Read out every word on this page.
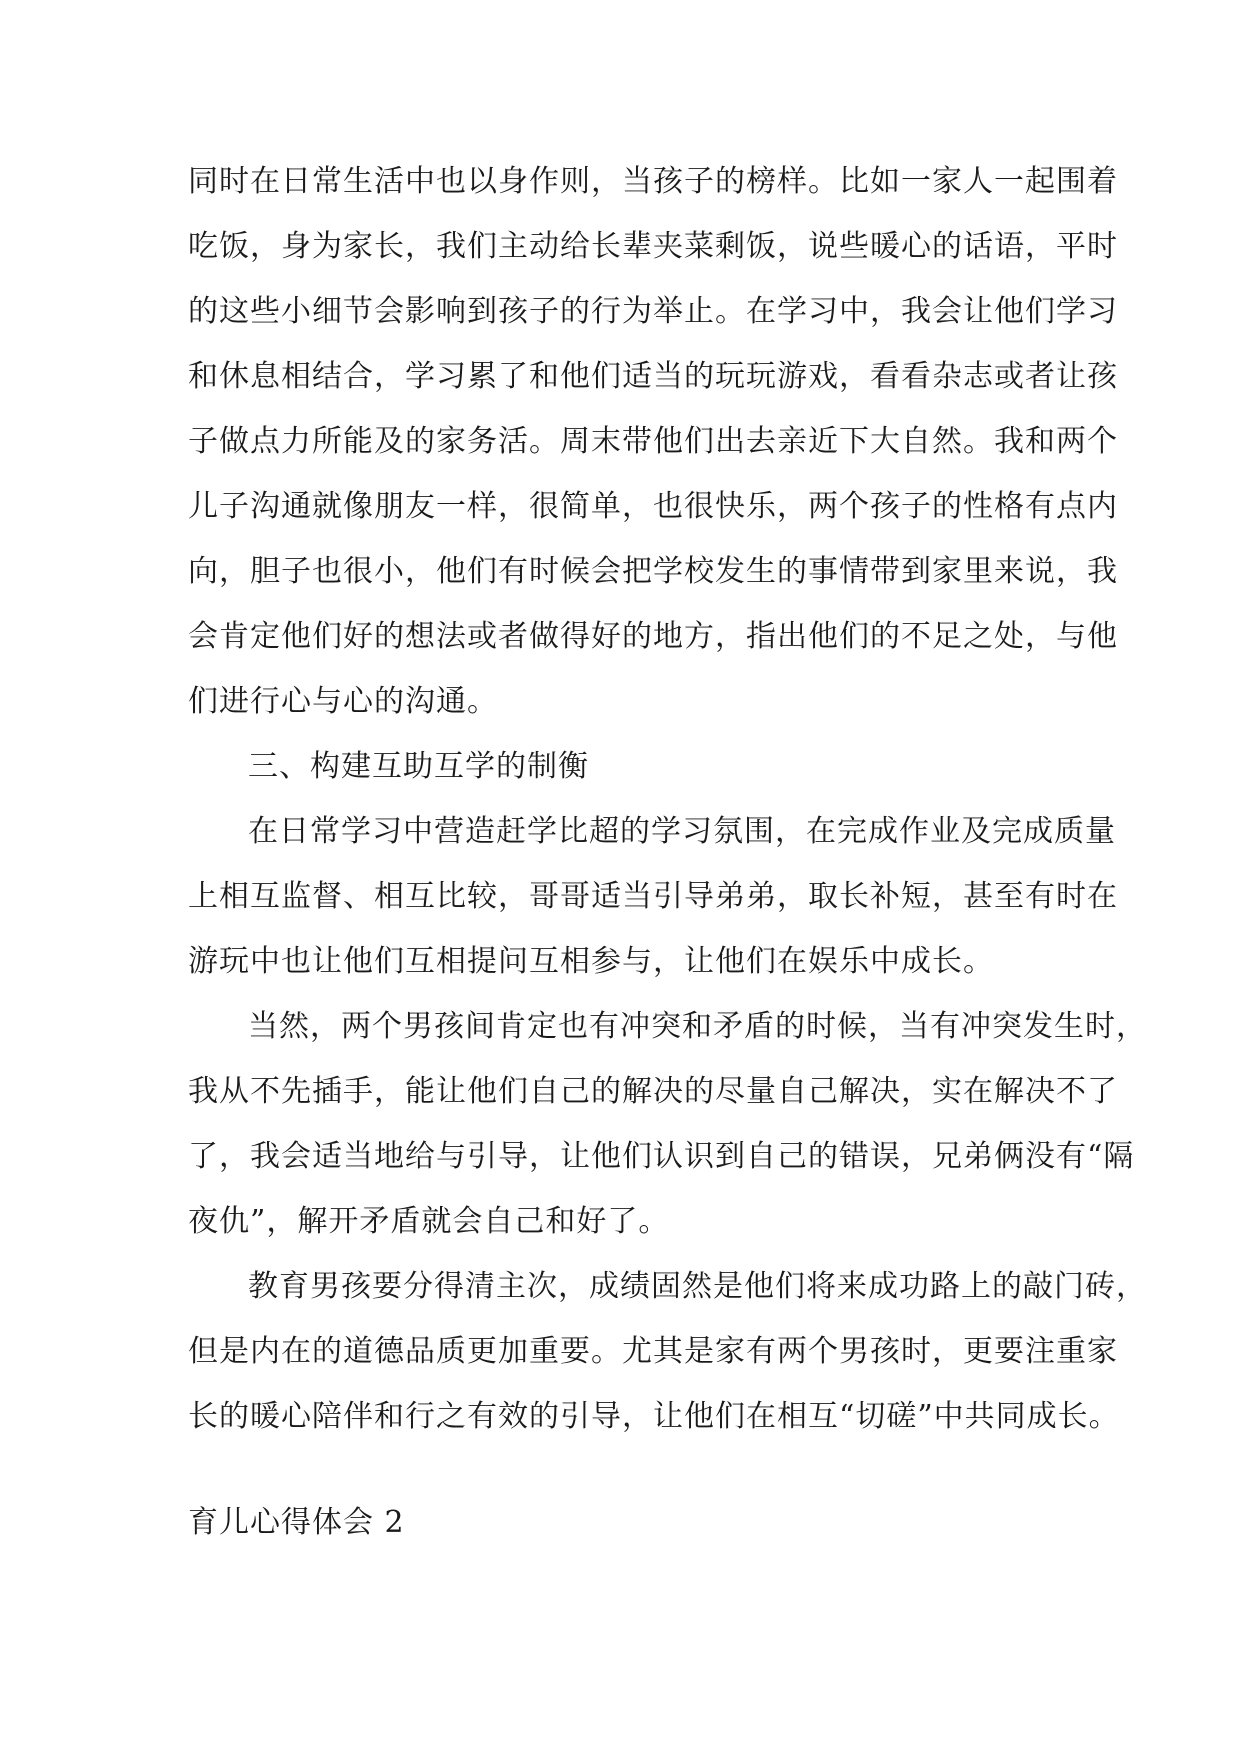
同时在日常生活中也以身作则，当孩子的榜样。比如一家人一起围着
吃饭，身为家长，我们主动给长辈夹菜剩饭，说些暖心的话语，平时
的这些小细节会影响到孩子的行为举止。在学习中，我会让他们学习
和休息相结合，学习累了和他们适当的玩玩游戏，看看杂志或者让孩
子做点力所能及的家务活。周末带他们出去亲近下大自然。我和两个
儿子沟通就像朋友一样，很简单，也很快乐，两个孩子的性格有点内
向，胆子也很小，他们有时候会把学校发生的事情带到家里来说，我
会肯定他们好的想法或者做得好的地方，指出他们的不足之处，与他
们进行心与心的沟通。
三、构建互助互学的制衡
在日常学习中营造赶学比超的学习氛围，在完成作业及完成质量
上相互监督、相互比较，哥哥适当引导弟弟，取长补短，甚至有时在
游玩中也让他们互相提问互相参与，让他们在娱乐中成长。
当然，两个男孩间肯定也有冲突和矛盾的时候，当有冲突发生时，
我从不先插手，能让他们自己的解决的尽量自己解决，实在解决不了
了，我会适当地给与引导，让他们认识到自己的错误，兄弟俩没有“隔
夜仇”，解开矛盾就会自己和好了。
教育男孩要分得清主次，成绩固然是他们将来成功路上的敲门砖，
但是内在的道德品质更加重要。尤其是家有两个男孩时，更要注重家
长的暖心陪伴和行之有效的引导，让他们在相互“切磋”中共同成长。
育儿心得体会 2
